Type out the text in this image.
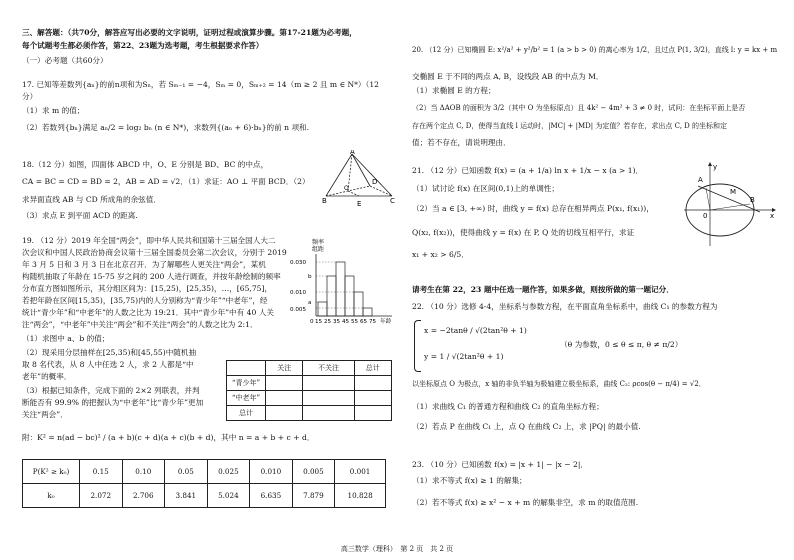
三、解答题：（共70分，解答应写出必要的文字说明，证明过程或演算步骤。第17-21题为必考题，
每个试题考生都必须作答，第22、23题为选考题，考生根据要求作答）
（一）必考题（共60分）
17. 已知等差数列{aₙ}的前n项和为Sₙ，若 Sₘ₋₁ = −4，Sₘ = 0，Sₘ₊₂ = 14（m ≥ 2 且 m ∈ N*）（12
分）
（1）求 m 的值；
（2）若数列{bₙ}满足 aₙ/2 = log₂ bₙ (n ∈ N*)，求数列{(aₙ + 6)·bₙ}的前 n 项和.
18.（12 分）如图，四面体 ABCD 中，O、E 分别是 BD、BC 的中点，
CA = BC = CD = BD = 2，AB = AD = √2．（1）求证：AO ⊥ 平面 BCD．（2）
求异面直线 AB 与 CD 所成角的余弦值．
（3）求点 E 到平面 ACD 的距离.
19. （12 分）2019 年全国“两会”，即中华人民共和国第十三届全国人大二
次会议和中国人民政治协商会议第十三届全国委员会第二次会议，分别于 2019
年 3 月 5 日和 3 月 3 日在北京召开．为了解哪些人更关注“两会”，某机
构随机抽取了年龄在 15-75 岁之间的 200 人进行调查，并按年龄绘制的频率
分布直方图如图所示，其分组区间为：[15,25)，[25,35)，…，[65,75]，
若把年龄在区间[15,35)，[35,75)内的人分别称为“青少年”“中老年”，经
统计“青少年”和“中老年”的人数之比为 19:21．其中“青少年”中有 40 人关
注“两会”，“中老年”中关注“两会”和不关注“两会”的人数之比为 2:1．
（1）求图中 a、b 的值；
（2）现采用分层抽样在[25,35)和[45,55)中随机抽
取 8 名代表，从 8 人中任选 2 人，求 2 人都是“中
老年”的概率．
（3）根据已知条件，完成下面的 2×2 列联表，并判
断能否有 99.9% 的把握认为“中老年”比“青少年”更加
关注“两会”．
附：K² = n(ad − bc)² / (a + b)(c + d)(a + c)(b + d)，其中 n = a + b + c + d．
A
B	C
D
E
O
频率
组距
0.030
b
0.010
a
0.005
0 15 25 35 45 55 65 75 年龄
	关注	不关注	总计
“青少年”			
“中老年”			
总计			
P(K² ≥ k₀)	0.15	0.10	0.05	0.025	0.010	0.005	0.001
k₀	2.072	2.706	3.841	5.024	6.635	7.879	10.828
20. （12 分）已知椭圆 E: x²/a² + y²/b² = 1 (a > b > 0) 的离心率为 1/2，且过点 P(1, 3/2)，直线 l: y = kx + m
交椭圆 E 于不同的两点 A, B，设线段 AB 的中点为 M．
（1）求椭圆 E 的方程；
（2）当 ΔAOB 的面积为 3/2（其中 O 为坐标原点）且 4k² − 4m² + 3 ≠ 0 时，试问：在坐标平面上是否
存在两个定点 C, D，使得当直线 l 运动时，|MC| + |MD| 为定值？若存在，求出点 C, D 的坐标和定
值；若不存在，请说明理由．
21. （12 分）已知函数 f(x) = (a + 1/a) ln x + 1/x − x (a > 1)．
（1）试讨论 f(x) 在区间(0,1)上的单调性；
（2）当 a ∈ [3, +∞) 时，曲线 y = f(x) 总存在相异两点 P(x₁, f(x₁))，
Q(x₂, f(x₂))，使得曲线 y = f(x) 在 P, Q 处的切线互相平行，求证
x₁ + x₂ > 6/5．
请考生在第 22，23 题中任选一题作答，如果多做，则按所做的第一题记分．
22. （10 分）选修 4-4，坐标系与参数方程，在平面直角坐标系中，曲线 C₁ 的参数方程为
x = −2tanθ / √(2tan²θ + 1)
y = 1 / √(2tan²θ + 1)
（θ 为参数，0 ≤ θ ≤ π, θ ≠ π/2）
以坐标原点 O 为极点，x 轴的非负半轴为极轴建立极坐标系，曲线 C₂: ρcos(θ − π/4) = √2．
（1）求曲线 C₁ 的普通方程和曲线 C₂ 的直角坐标方程；
（2）若点 P 在曲线 C₁ 上，点 Q 在曲线 C₂ 上，求 |PQ| 的最小值.
23. （10 分）已知函数 f(x) = |x + 1| − |x − 2|．
（1）求不等式 f(x) ≥ 1 的解集；
（2）若不等式 f(x) ≥ x² − x + m 的解集非空，求 m 的取值范围.
y
A
M
B
0	x
高三数学（理科）　第 2 页　共 2 页
